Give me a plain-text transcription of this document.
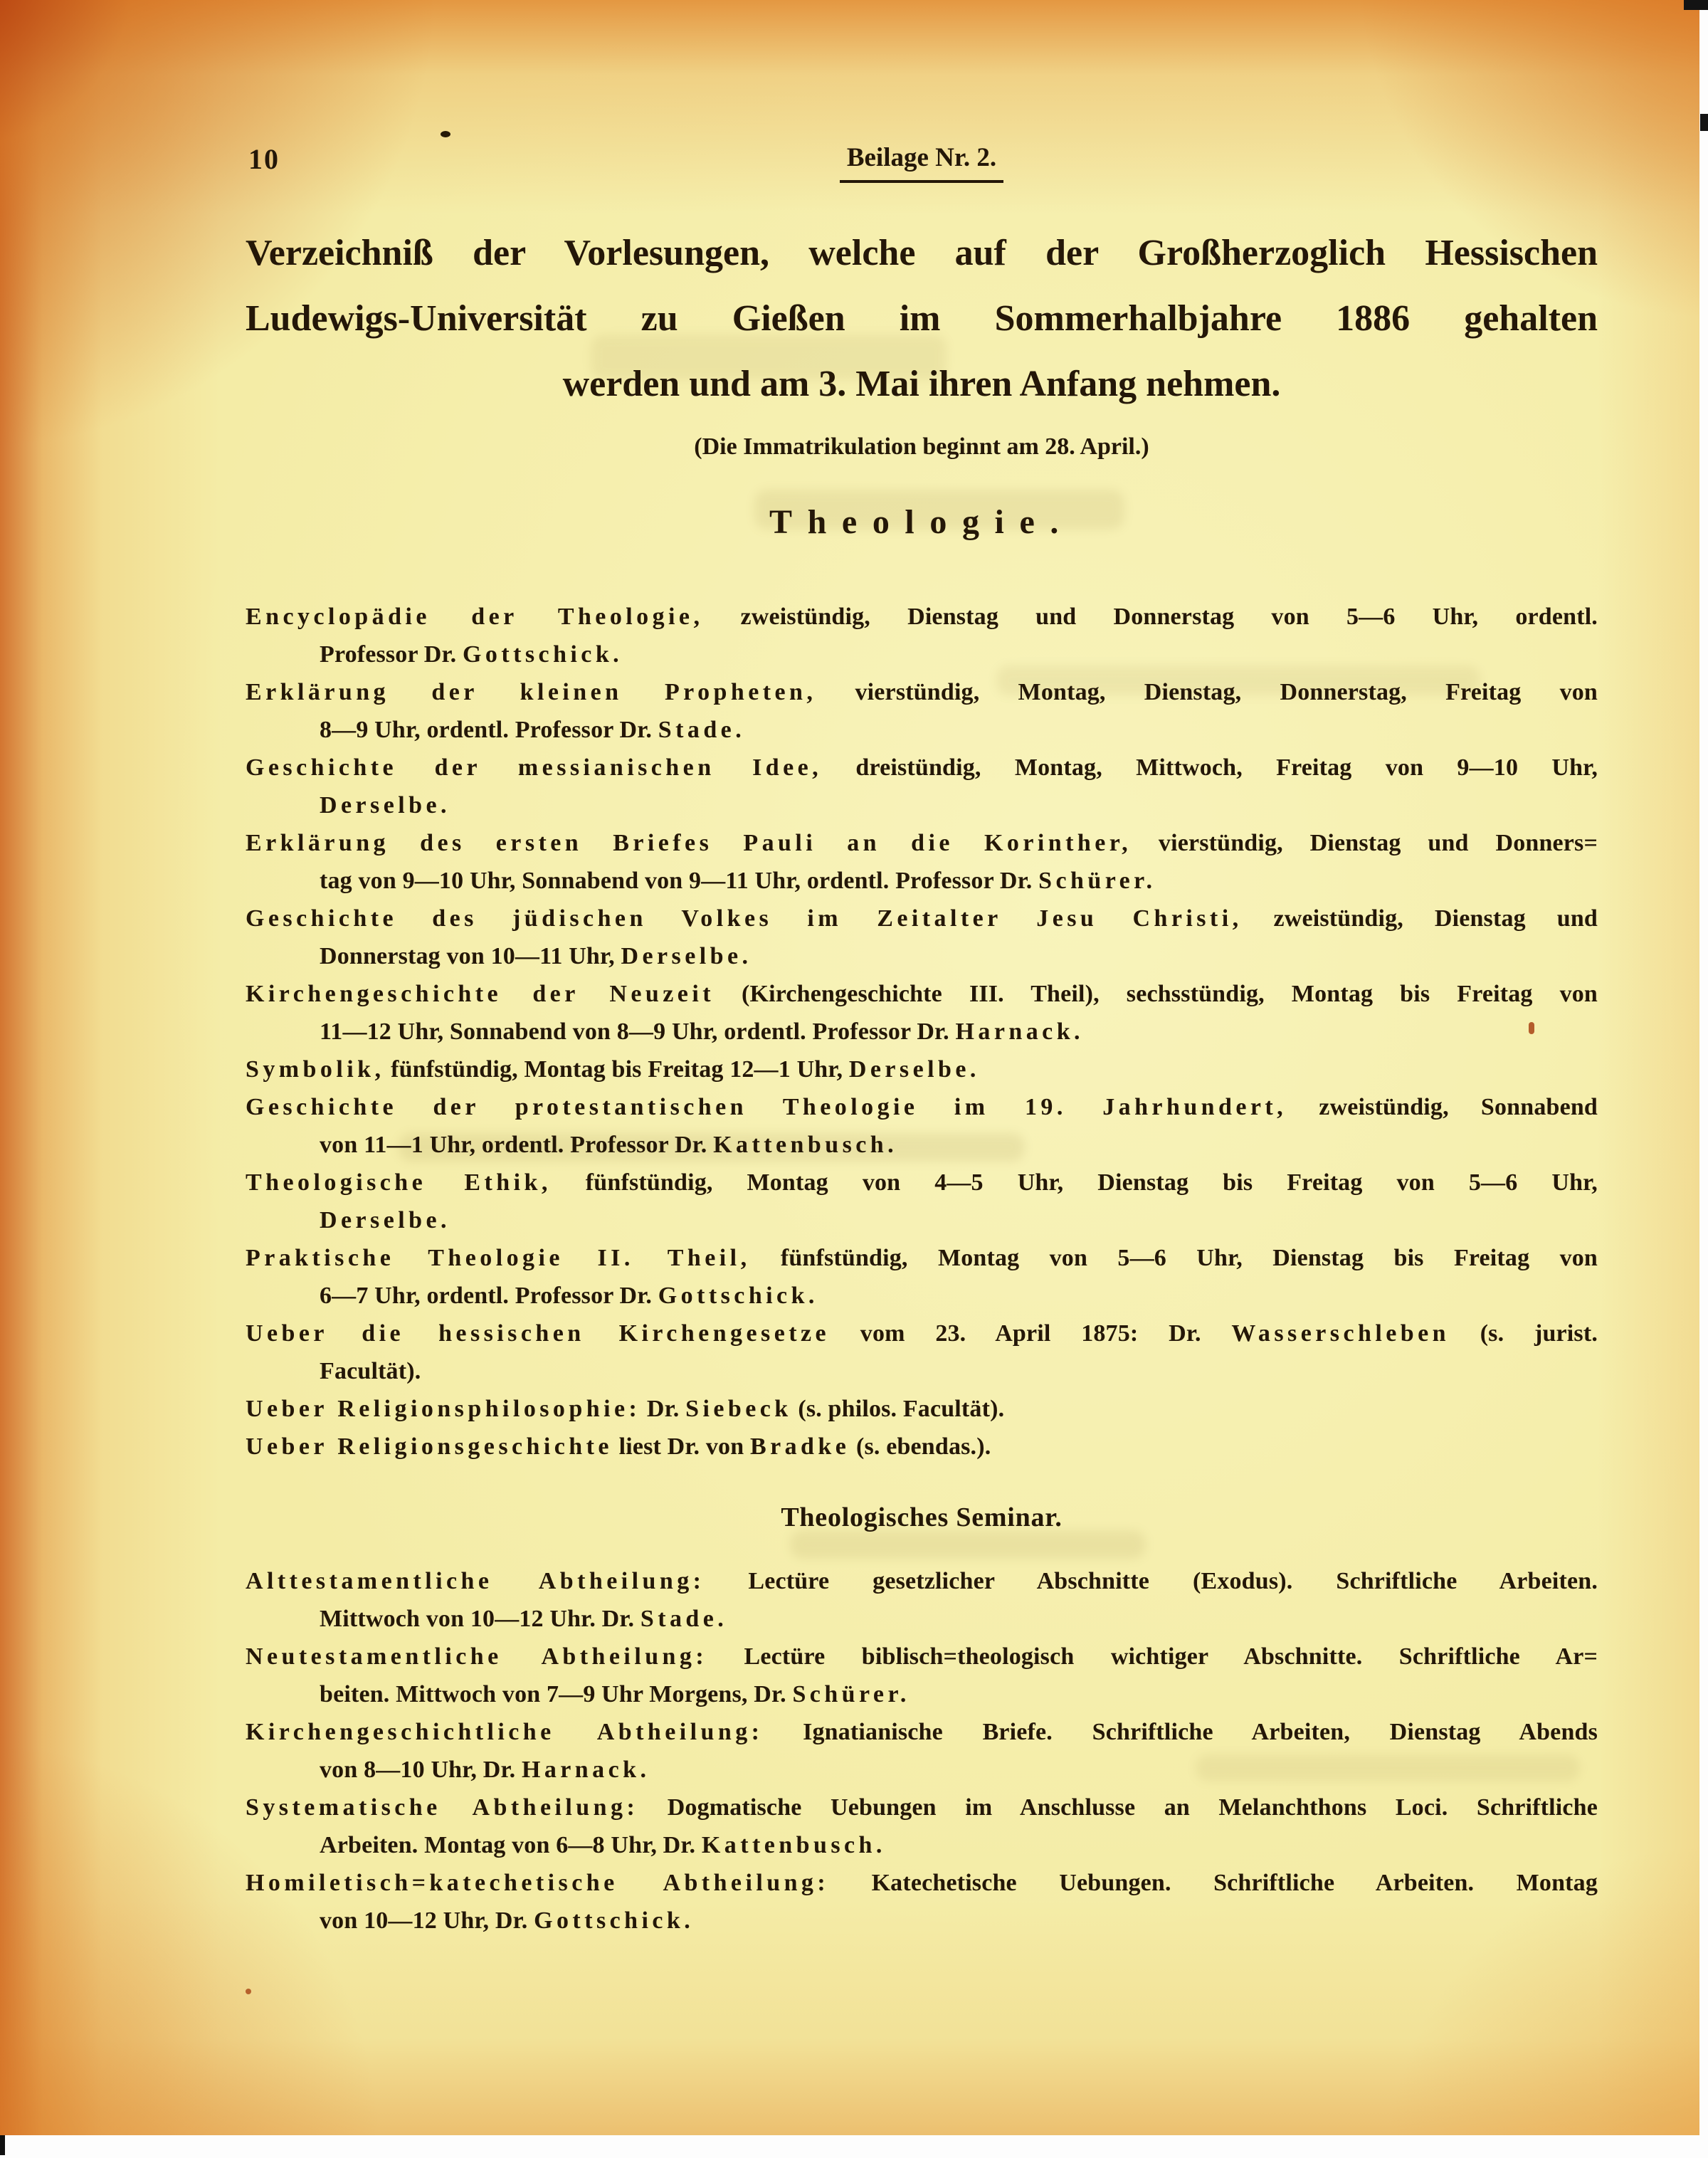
10	Beilage Nr. 2.
Verzeichniß der Vorlesungen, welche auf der Großherzoglich Hessischen
Ludewigs-Universität zu Gießen im Sommerhalbjahre 1886 gehalten
werden und am 3. Mai ihren Anfang nehmen.
(Die Immatrikulation beginnt am 28. April.)
Theologie.
Encyclopädie der Theologie, zweistündig, Dienstag und Donnerstag von 5—6 Uhr, ordentl.
Professor Dr. Gottschick.
Erklärung der kleinen Propheten, vierstündig, Montag, Dienstag, Donnerstag, Freitag von
8—9 Uhr, ordentl. Professor Dr. Stade.
Geschichte der messianischen Idee, dreistündig, Montag, Mittwoch, Freitag von 9—10 Uhr,
Derselbe.
Erklärung des ersten Briefes Pauli an die Korinther, vierstündig, Dienstag und Donners=
tag von 9—10 Uhr, Sonnabend von 9—11 Uhr, ordentl. Professor Dr. Schürer.
Geschichte des jüdischen Volkes im Zeitalter Jesu Christi, zweistündig, Dienstag und
Donnerstag von 10—11 Uhr, Derselbe.
Kirchengeschichte der Neuzeit (Kirchengeschichte III. Theil), sechsstündig, Montag bis Freitag von
11—12 Uhr, Sonnabend von 8—9 Uhr, ordentl. Professor Dr. Harnack.
Symbolik, fünfstündig, Montag bis Freitag 12—1 Uhr, Derselbe.
Geschichte der protestantischen Theologie im 19. Jahrhundert, zweistündig, Sonnabend
von 11—1 Uhr, ordentl. Professor Dr. Kattenbusch.
Theologische Ethik, fünfstündig, Montag von 4—5 Uhr, Dienstag bis Freitag von 5—6 Uhr,
Derselbe.
Praktische Theologie II. Theil, fünfstündig, Montag von 5—6 Uhr, Dienstag bis Freitag von
6—7 Uhr, ordentl. Professor Dr. Gottschick.
Ueber die hessischen Kirchengesetze vom 23. April 1875: Dr. Wasserschleben (s. jurist.
Facultät).
Ueber Religionsphilosophie: Dr. Siebeck (s. philos. Facultät).
Ueber Religionsgeschichte liest Dr. von Bradke (s. ebendas.).
Theologisches Seminar.
Alttestamentliche Abtheilung: Lectüre gesetzlicher Abschnitte (Exodus). Schriftliche Arbeiten.
Mittwoch von 10—12 Uhr. Dr. Stade.
Neutestamentliche Abtheilung: Lectüre biblisch=theologisch wichtiger Abschnitte. Schriftliche Ar=
beiten. Mittwoch von 7—9 Uhr Morgens, Dr. Schürer.
Kirchengeschichtliche Abtheilung: Ignatianische Briefe. Schriftliche Arbeiten, Dienstag Abends
von 8—10 Uhr, Dr. Harnack.
Systematische Abtheilung: Dogmatische Uebungen im Anschlusse an Melanchthons Loci. Schriftliche
Arbeiten. Montag von 6—8 Uhr, Dr. Kattenbusch.
Homiletisch=katechetische Abtheilung: Katechetische Uebungen. Schriftliche Arbeiten. Montag
von 10—12 Uhr, Dr. Gottschick.
